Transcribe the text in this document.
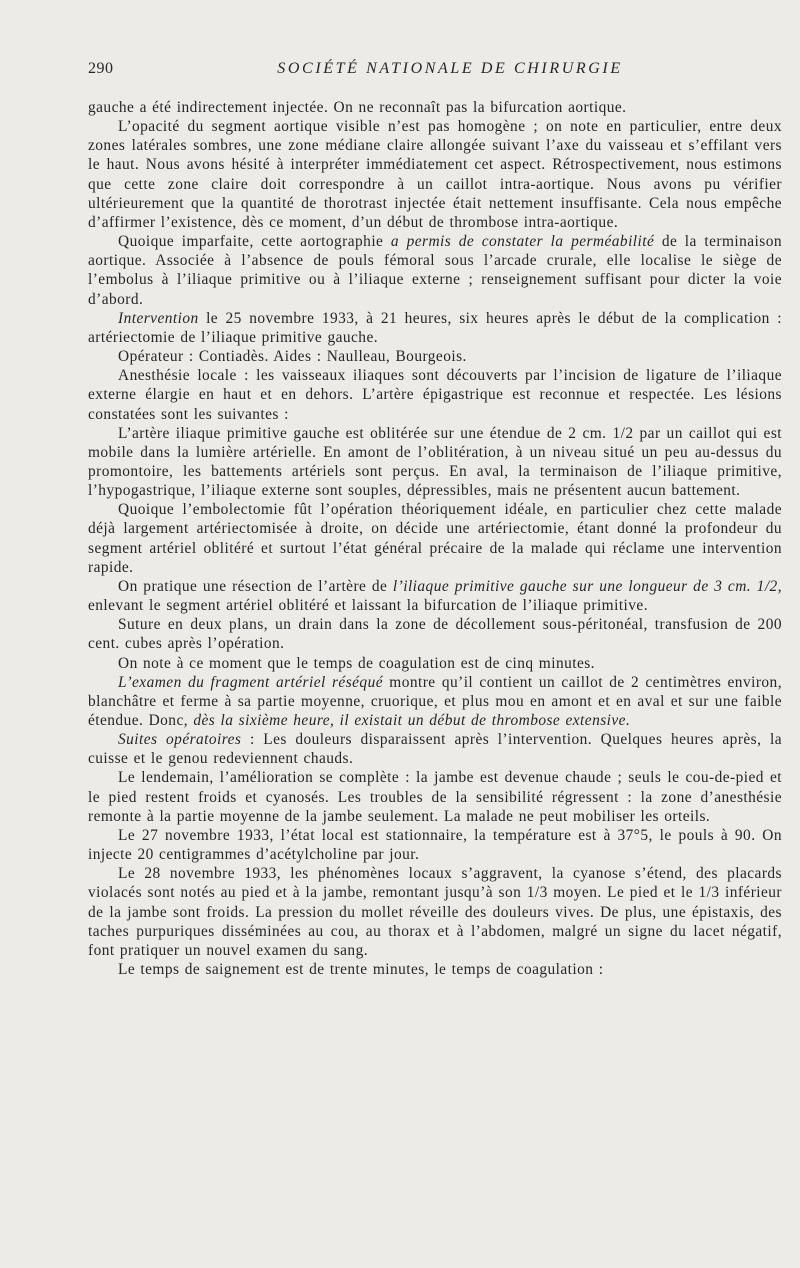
290	SOCIÉTÉ NATIONALE DE CHIRURGIE

gauche a été indirectement injectée. On ne reconnaît pas la bifurcation aortique.

L’opacité du segment aortique visible n’est pas homogène ; on note en particulier, entre deux zones latérales sombres, une zone médiane claire allongée suivant l’axe du vaisseau et s’effilant vers le haut. Nous avons hésité à interpréter immédiatement cet aspect. Rétrospectivement, nous estimons que cette zone claire doit correspondre à un caillot intra-aortique. Nous avons pu vérifier ultérieurement que la quantité de thorotrast injectée était nettement insuffisante. Cela nous empêche d’affirmer l’existence, dès ce moment, d’un début de thrombose intra-aortique.

Quoique imparfaite, cette aortographie a permis de constater la perméabilité de la terminaison aortique. Associée à l’absence de pouls fémoral sous l’arcade crurale, elle localise le siège de l’embolus à l’iliaque primitive ou à l’iliaque externe ; renseignement suffisant pour dicter la voie d’abord.

Intervention le 25 novembre 1933, à 21 heures, six heures après le début de la complication : artériectomie de l’iliaque primitive gauche.

Opérateur : Contiadès. Aides : Naulleau, Bourgeois.

Anesthésie locale : les vaisseaux iliaques sont découverts par l’incision de ligature de l’iliaque externe élargie en haut et en dehors. L’artère épigastrique est reconnue et respectée. Les lésions constatées sont les suivantes :

L’artère iliaque primitive gauche est oblitérée sur une étendue de 2 cm. 1/2 par un caillot qui est mobile dans la lumière artérielle. En amont de l’oblitération, à un niveau situé un peu au-dessus du promontoire, les battements artériels sont perçus. En aval, la terminaison de l’iliaque primitive, l’hypogastrique, l’iliaque externe sont souples, dépressibles, mais ne présentent aucun battement.

Quoique l’embolectomie fût l’opération théoriquement idéale, en particulier chez cette malade déjà largement artériectomisée à droite, on décide une artériectomie, étant donné la profondeur du segment artériel oblitéré et surtout l’état général précaire de la malade qui réclame une intervention rapide.

On pratique une résection de l’artère de l’iliaque primitive gauche sur une longueur de 3 cm. 1/2, enlevant le segment artériel oblitéré et laissant la bifurcation de l’iliaque primitive.

Suture en deux plans, un drain dans la zone de décollement sous-péritonéal, transfusion de 200 cent. cubes après l’opération.

On note à ce moment que le temps de coagulation est de cinq minutes.

L’examen du fragment artériel réséqué montre qu’il contient un caillot de 2 centimètres environ, blanchâtre et ferme à sa partie moyenne, cruorique, et plus mou en amont et en aval et sur une faible étendue. Donc, dès la sixième heure, il existait un début de thrombose extensive.

Suites opératoires : Les douleurs disparaissent après l’intervention. Quelques heures après, la cuisse et le genou redeviennent chauds.

Le lendemain, l’amélioration se complète : la jambe est devenue chaude ; seuls le cou-de-pied et le pied restent froids et cyanosés. Les troubles de la sensibilité régressent : la zone d’anesthésie remonte à la partie moyenne de la jambe seulement. La malade ne peut mobiliser les orteils.

Le 27 novembre 1933, l’état local est stationnaire, la température est à 37°5, le pouls à 90. On injecte 20 centigrammes d’acétylcholine par jour.

Le 28 novembre 1933, les phénomènes locaux s’aggravent, la cyanose s’étend, des placards violacés sont notés au pied et à la jambe, remontant jusqu’à son 1/3 moyen. Le pied et le 1/3 inférieur de la jambe sont froids. La pression du mollet réveille des douleurs vives. De plus, une épistaxis, des taches purpuriques disséminées au cou, au thorax et à l’abdomen, malgré un signe du lacet négatif, font pratiquer un nouvel examen du sang.

Le temps de saignement est de trente minutes, le temps de coagulation :
